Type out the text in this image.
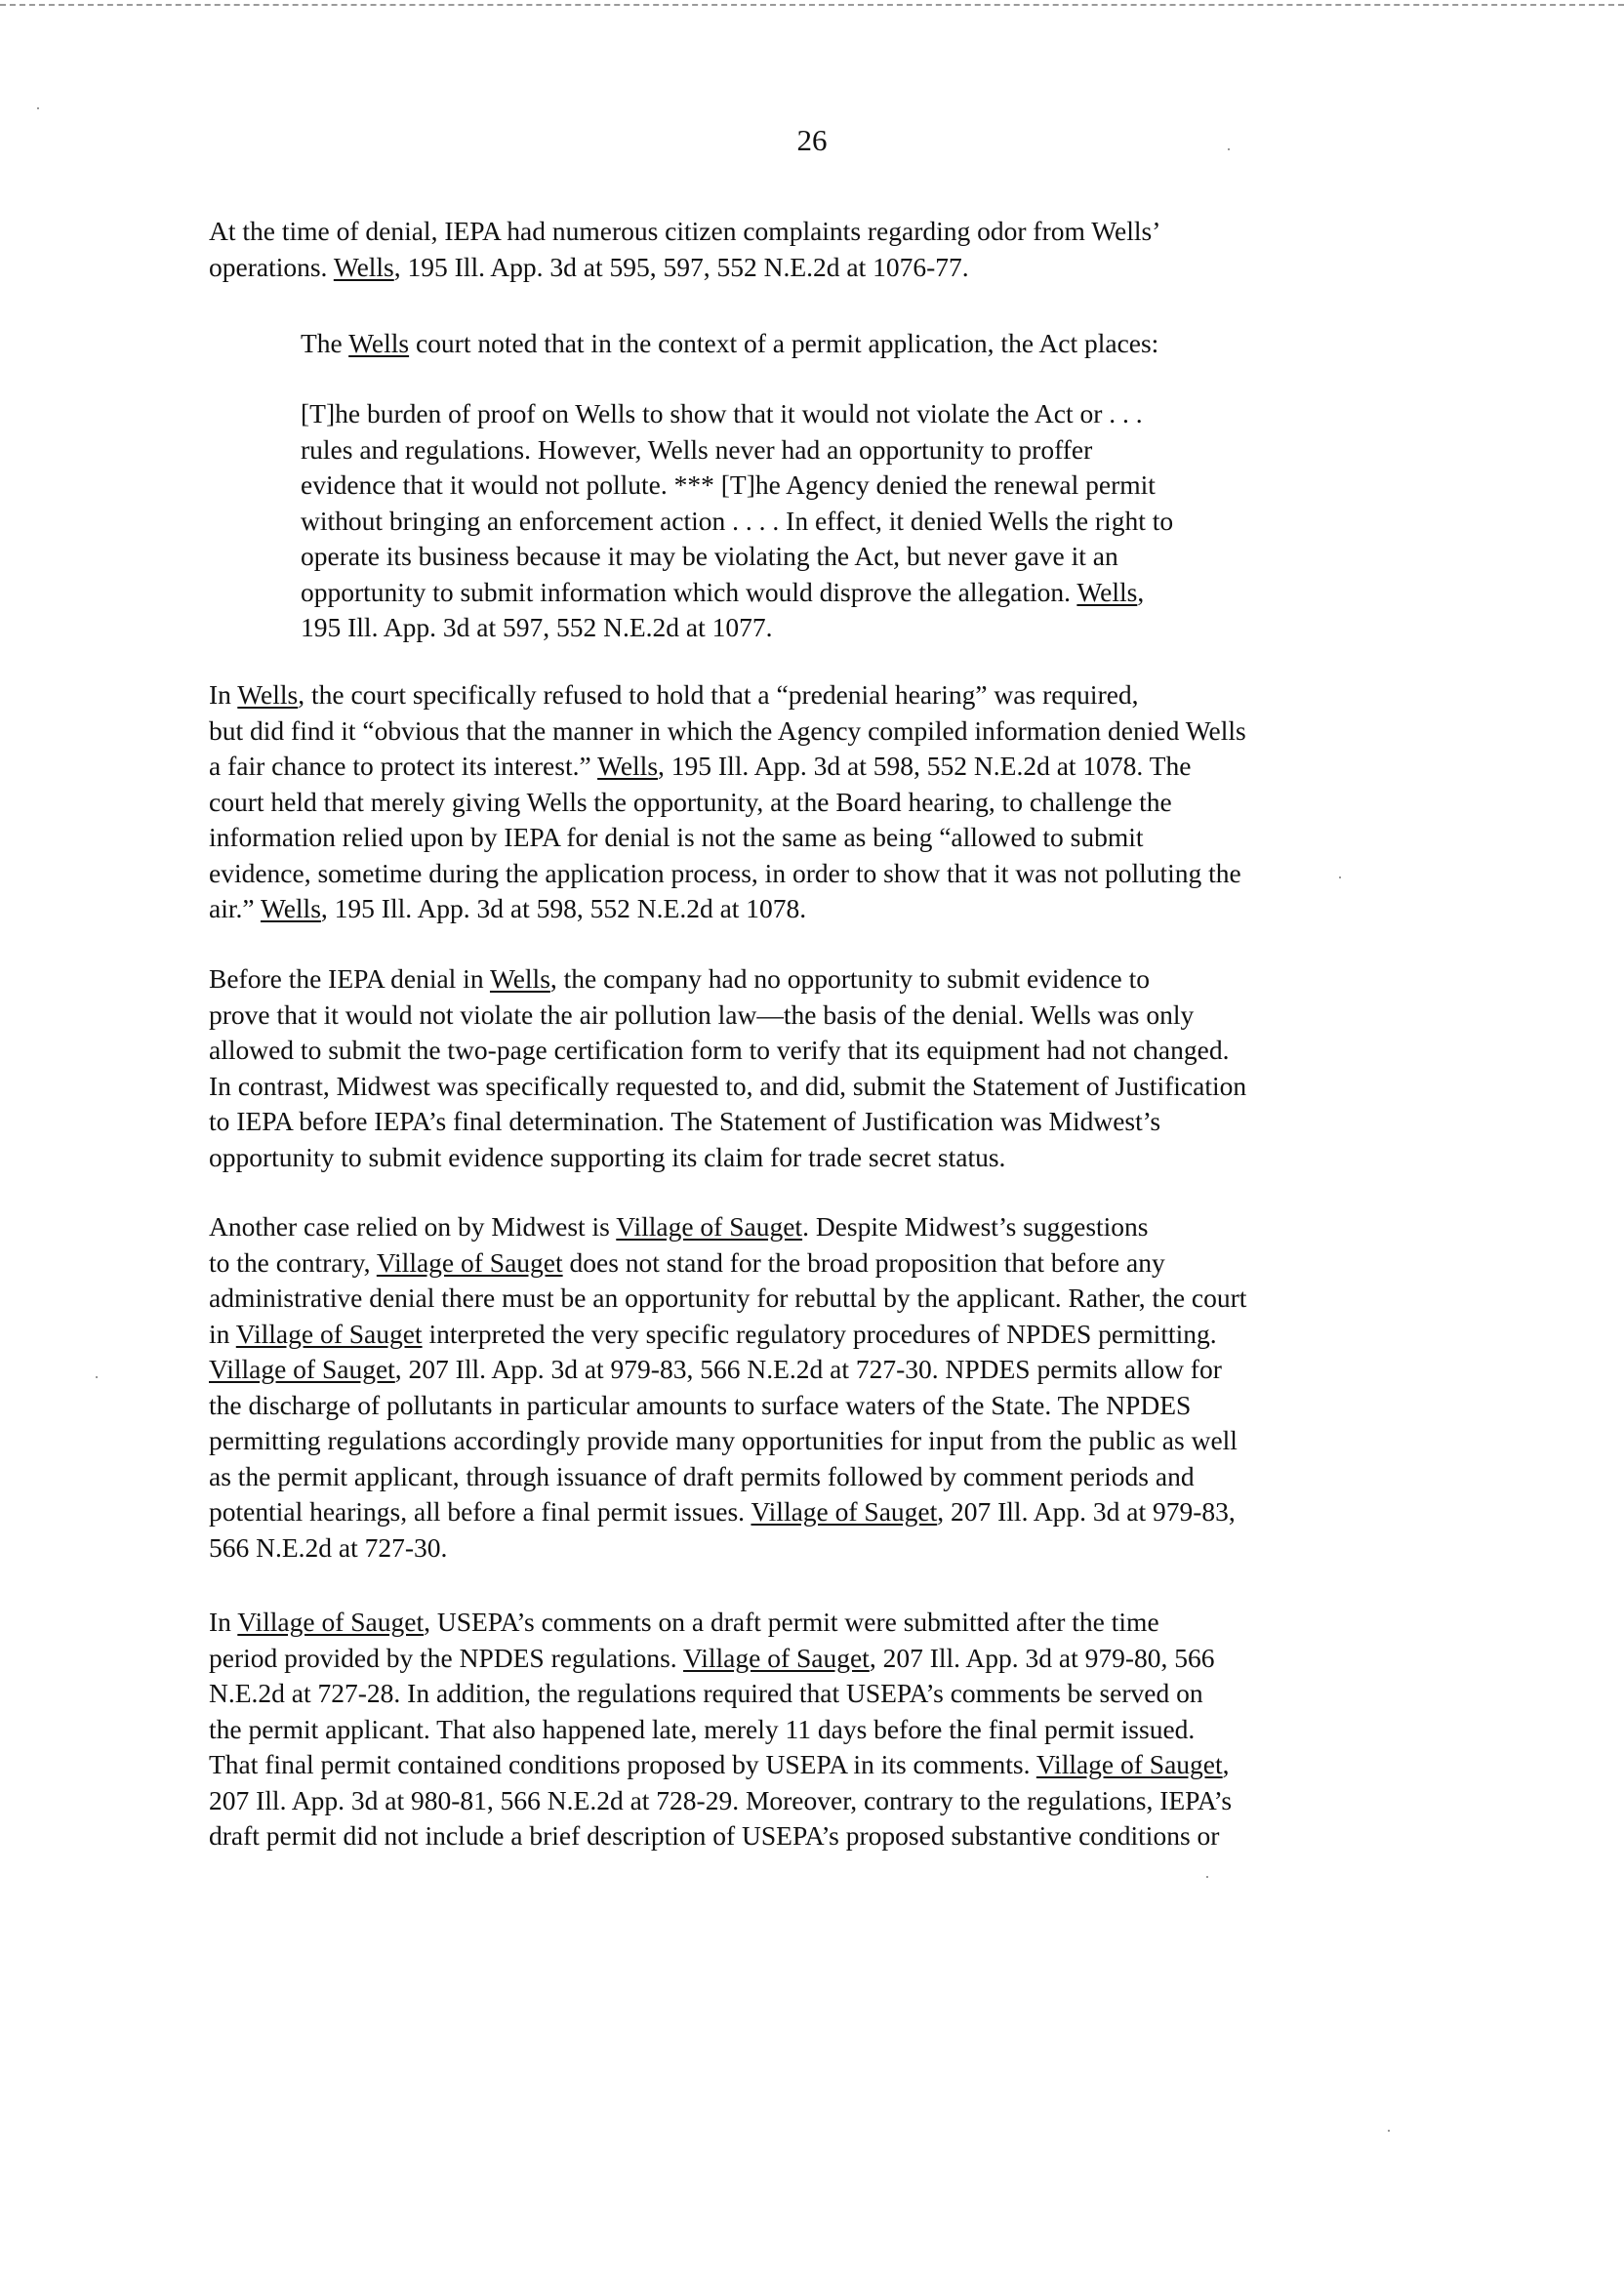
26
At the time of denial, IEPA had numerous citizen complaints regarding odor from Wells’
operations. Wells, 195 Ill. App. 3d at 595, 597, 552 N.E.2d at 1076-77.
The Wells court noted that in the context of a permit application, the Act places:
[T]he burden of proof on Wells to show that it would not violate the Act or . . .
rules and regulations. However, Wells never had an opportunity to proffer
evidence that it would not pollute. *** [T]he Agency denied the renewal permit
without bringing an enforcement action . . . . In effect, it denied Wells the right to
operate its business because it may be violating the Act, but never gave it an
opportunity to submit information which would disprove the allegation. Wells,
195 Ill. App. 3d at 597, 552 N.E.2d at 1077.
In Wells, the court specifically refused to hold that a “predenial hearing” was required,
but did find it “obvious that the manner in which the Agency compiled information denied Wells
a fair chance to protect its interest.” Wells, 195 Ill. App. 3d at 598, 552 N.E.2d at 1078. The
court held that merely giving Wells the opportunity, at the Board hearing, to challenge the
information relied upon by IEPA for denial is not the same as being “allowed to submit
evidence, sometime during the application process, in order to show that it was not polluting the
air.” Wells, 195 Ill. App. 3d at 598, 552 N.E.2d at 1078.
Before the IEPA denial in Wells, the company had no opportunity to submit evidence to
prove that it would not violate the air pollution law—the basis of the denial. Wells was only
allowed to submit the two-page certification form to verify that its equipment had not changed.
In contrast, Midwest was specifically requested to, and did, submit the Statement of Justification
to IEPA before IEPA’s final determination. The Statement of Justification was Midwest’s
opportunity to submit evidence supporting its claim for trade secret status.
Another case relied on by Midwest is Village of Sauget. Despite Midwest’s suggestions
to the contrary, Village of Sauget does not stand for the broad proposition that before any
administrative denial there must be an opportunity for rebuttal by the applicant. Rather, the court
in Village of Sauget interpreted the very specific regulatory procedures of NPDES permitting.
Village of Sauget, 207 Ill. App. 3d at 979-83, 566 N.E.2d at 727-30. NPDES permits allow for
the discharge of pollutants in particular amounts to surface waters of the State. The NPDES
permitting regulations accordingly provide many opportunities for input from the public as well
as the permit applicant, through issuance of draft permits followed by comment periods and
potential hearings, all before a final permit issues. Village of Sauget, 207 Ill. App. 3d at 979-83,
566 N.E.2d at 727-30.
In Village of Sauget, USEPA’s comments on a draft permit were submitted after the time
period provided by the NPDES regulations. Village of Sauget, 207 Ill. App. 3d at 979-80, 566
N.E.2d at 727-28. In addition, the regulations required that USEPA’s comments be served on
the permit applicant. That also happened late, merely 11 days before the final permit issued.
That final permit contained conditions proposed by USEPA in its comments. Village of Sauget,
207 Ill. App. 3d at 980-81, 566 N.E.2d at 728-29. Moreover, contrary to the regulations, IEPA’s
draft permit did not include a brief description of USEPA’s proposed substantive conditions or
